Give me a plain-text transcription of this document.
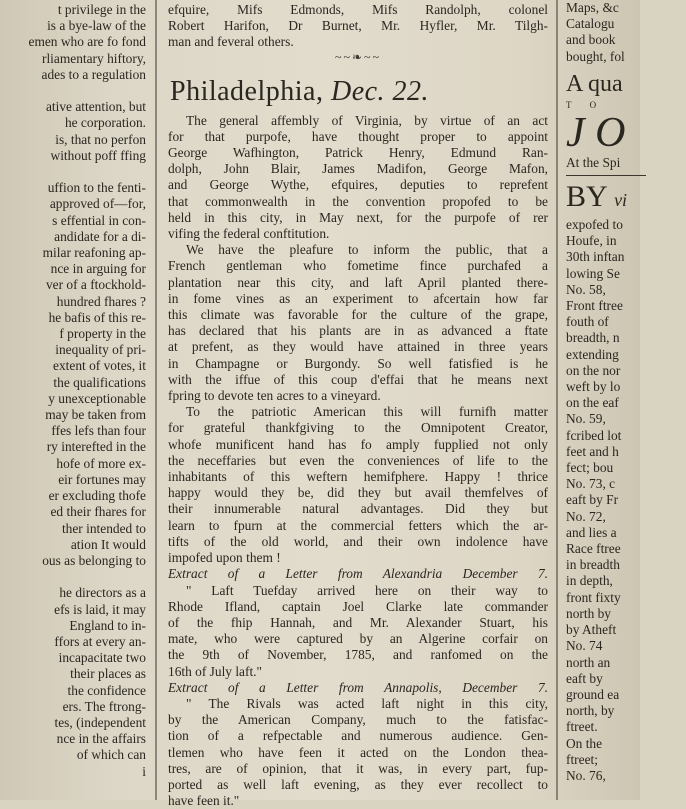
t privilege in the
is a bye-law of the
emen who are fo fond
rliamentary hiftory,
ades to a regulation

ative attention, but
he corporation.
is, that no perfon
without poff ffing

uffion to the fenti-
approved of—for,
s effential in con-
andidate for a di-
milar reafoning ap-
nce in arguing for
ver of a ftockhold-
hundred fhares ?
he bafis of this re-
f property in the
inequality of pri-
extent of votes, it
the qualifications
y unexceptionable
may be taken from
ffes lefs than four
ry interefted in the
hofe of more ex-
eir fortunes may
er excluding thofe
ed their fhares for
ther intended to
ation It would
ous as belonging to

he directors as a
efs is laid, it may
England to in-
ffors at every an-
incapacitate two
their places as
the confidence
ers. The ftrong-
tes, (independent
nce in the affairs
of which can
i
efquire, Mifs Edmonds, Mifs Randolph, colonel
Robert Harifon, Dr Burnet, Mr. Hyfler, Mr. Tilgh-
man and feveral others.
~~❧~~
Philadelphia, Dec. 22.
The general affembly of Virginia, by virtue of an act
for that purpofe, have thought proper to appoint
George Wafhington, Patrick Henry, Edmund Ran-
dolph, John Blair, James Madifon, George Mafon,
and George Wythe, efquires, deputies to reprefent
that commonwealth in the convention propofed to be
held in this city, in May next, for the purpofe of rer
vifing the federal conftitution.
We have the pleafure to inform the public, that a
French gentleman who fometime fince purchafed a
plantation near this city, and laft April planted there-
in fome vines as an experiment to afcertain how far
this climate was favorable for the culture of the grape,
has declared that his plants are in as advanced a ftate
at prefent, as they would have attained in three years
in Champagne or Burgondy. So well fatisfied is he
with the iffue of this coup d'effai that he means next
fpring to devote ten acres to a vineyard.
To the patriotic American this will furnifh matter
for grateful thankfgiving to the Omnipotent Creator,
whofe munificent hand has fo amply fupplied not only
the neceffaries but even the conveniences of life to the
inhabitants of this weftern hemifphere. Happy ! thrice
happy would they be, did they but avail themfelves of
their innumerable natural advantages. Did they but
learn to fpurn at the commercial fetters which the ar-
tifts of the old world, and their own indolence have
impofed upon them !
Extract of a Letter from Alexandria December 7.
" Laft Tuefday arrived here on their way to
Rhode Ifland, captain Joel Clarke late commander
of the fhip Hannah, and Mr. Alexander Stuart, his
mate, who were captured by an Algerine corfair on
the 9th of November, 1785, and ranfomed on the
16th of July laft."
Extract of a Letter from Annapolis, December 7.
" The Rivals was acted laft night in this city,
by the American Company, much to the fatisfac-
tion of a refpectable and numerous audience. Gen-
tlemen who have feen it acted on the London thea-
tres, are of opinion, that it was, in every part, fup-
ported as well laft evening, as they ever recollect to
have feen it."
Maps, &c
Catalogu
and book
bought, fol
A qua
T O
J O
At the Spi
BY vi
expofed to
Houfe, in
30th inftan
lowing Se
No. 58,
Front ftree
fouth of
breadth, n
extending
on the nor
weft by lo
on the eaf
No. 59,
fcribed lot
feet and h
fect; bou
No. 73, c
eaft by Fr
No. 72,
and lies a
Race ftree
in breadth
in depth,
front fixty
north by
by Atheft
No. 74
north an
eaft by
ground ea
north, by
ftreet.
On the
ftreet;
No. 76,
